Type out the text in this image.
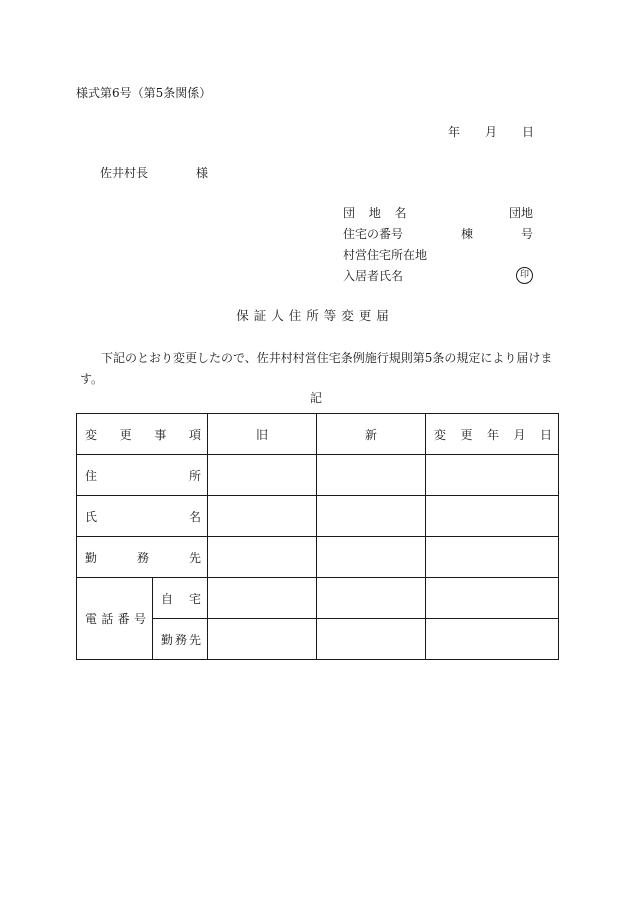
様式第6号（第5条関係）
年 月 日
佐井村長	様
団 地 名	団地
住宅の番号	棟	号
村営住宅所在地
入居者氏名	印
保証人住所等変更届
下記のとおり変更したので、佐井村村営住宅条例施行規則第5条の規定により届けます。
記
変 更 事 項		旧	新	変 更 年 月 日

住 所				

氏 名				

勤 務 先				

電 話 番 号	自 宅			

	勤 務 先			
